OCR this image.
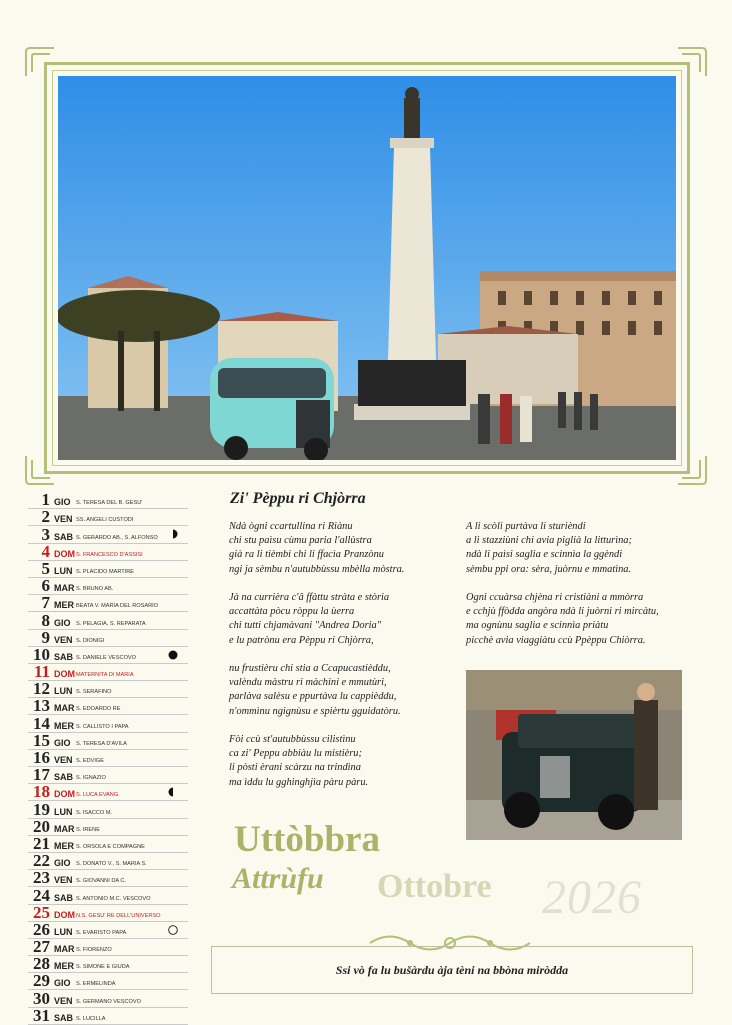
1 GIO S. TERESA DEL B. GESU'
2 VEN SS. ANGELI CUSTODI
3 SAB S. GERARDO AB., S. ALFONSO
4 DOM S. FRANCESCO D'ASSISI
5 LUN S. PLACIDO MARTIRE
6 MAR S. BRUNO AB.
7 MER BEATA V. MARIA DEL ROSARIO
8 GIO S. PELAGIA, S. REPARATA
9 VEN S. DIONIGI
10 SAB S. DANIELE VESCOVO
11 DOM MATERNITA DI MARIA
12 LUN S. SERAFINO
13 MAR S. EDOARDO RE
14 MER S. CALLISTO I PAPA
15 GIO S. TERESA D'AVILA
16 VEN S. EDVIGE
17 SAB S. IGNAZIO
18 DOM S. LUCA EVANG.
19 LUN S. ISACCO M.
20 MAR S. IRENE
21 MER S. ORSOLA E COMPAGNE
22 GIO S. DONATO V., S. MARIA S.
23 VEN S. GIOVANNI DA C.
24 SAB S. ANTONIO M.C. VESCOVO
25 DOM N.S. GESU' RE DELL'UNIVERSO
26 LUN S. EVARISTO PAPA
27 MAR S. FIORENZO
28 MER S. SIMONE E GIUDA
29 GIO S. ERMELINDA
30 VEN S. GERMANO VESCOVO
31 SAB S. LUCILLA
Zi' Pèppu ri Chjòrra

Ndà ògni ccartullina ri Riànu
chi stu paìsu cùmu paria l'allùstra
già ra li tièmbi chi li ffacìa Pranzònu
ngi ja sèmbu n'autubbùssu mbèlla mòstra.

Jà na currièra c'â ffàttu stràta e stòria
accattàta pòcu ròppu la ùerra
chi tutti chjamàvani "Andrea Doria"
e lu patrònu era Pèppu ri Chjòrra,

nu frustièru chi stia a Ccapucastièddu,
valèndu màstru ri màchini e mmutùri,
parlàva salèsu e ppurtàva lu cappièddu,
n'ommìnu ngignùsu e spièrtu gguidatòru.

Fòi ccù st'autubbùssu cilistìnu
ca zi' Peppu abbiàu lu mistièru;
li pòsti èrani scàrzu na trindìna
ma ìddu lu gghinghjìa pàru pàru.

A li scòli purtàva li sturièndi
a li stazziùni chi avia piglià la litturìna;
ndà li paìsi saglia e scinnìa la ggèndi
sèmbu ppi ora: sèra, juòrnu e mmatìna.

Ogni ccuàrsa chjèna ri cristiàni a mmòrra
e cchjù ffòdda angòra ndà li juòrni ri mircàtu,
ma ognùnu saglia e scinnìa priàtu
picchè avia viaggiàtu ccù Ppèppu Chiòrra.

Uttòbbra
Attrùfu Ottobre 2026
Ssi vò fa lu bušàrdu àja tèni na bbòna miròdda
